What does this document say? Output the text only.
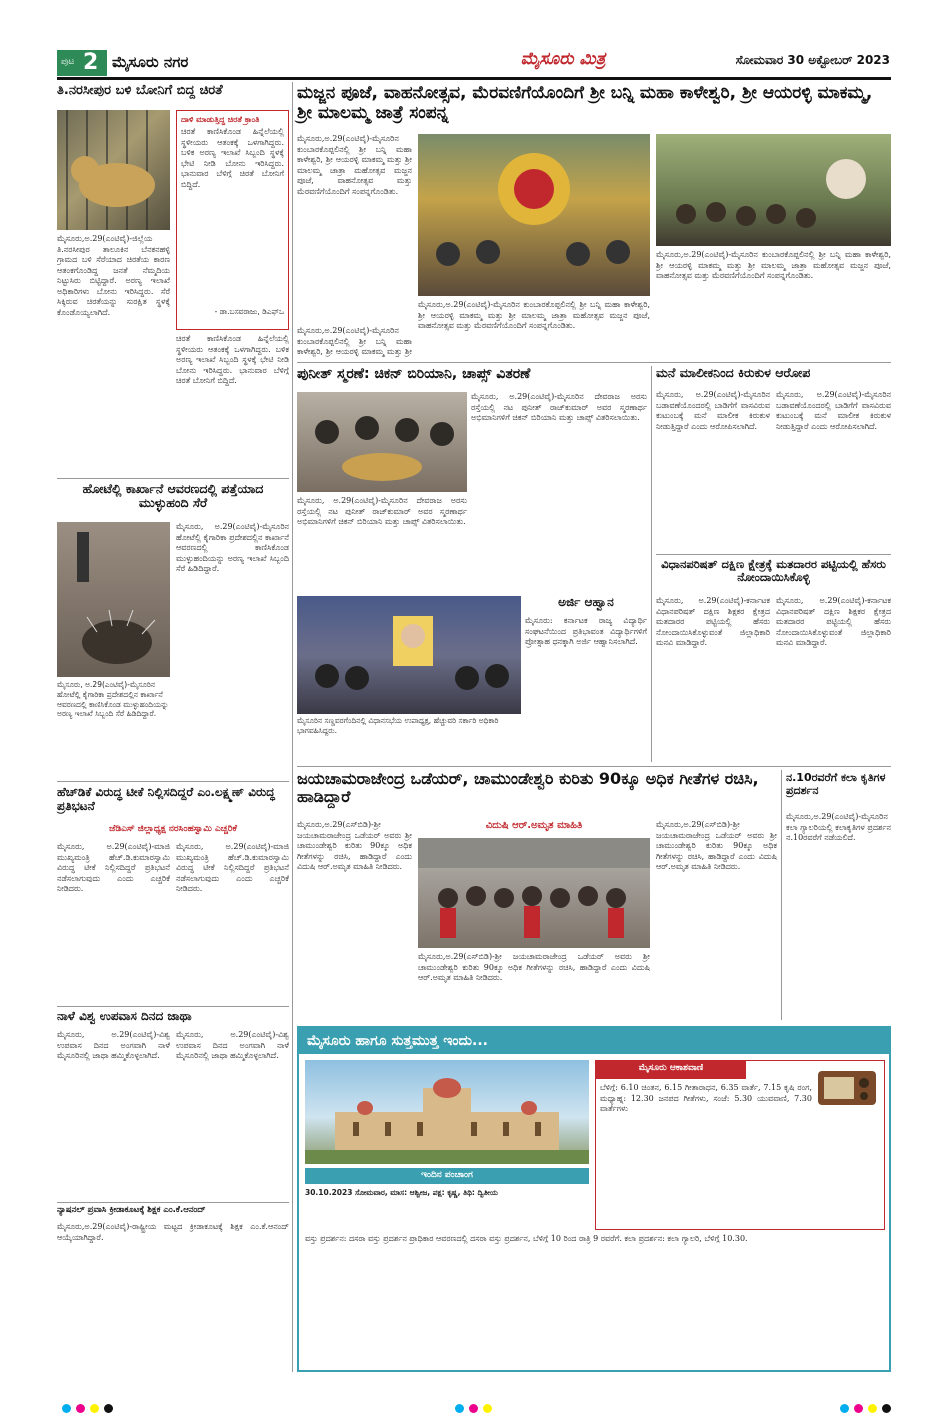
ಪುಟ 2 ಮೈಸೂರು ನಗರ	ಮೈಸೂರು ಮಿತ್ರ	ಸೋಮವಾರ 30 ಅಕ್ಟೋಬರ್ 2023
ತಿ.ನರಸೀಪುರ ಬಳಿ ಬೋನಿಗೆ ಬಿದ್ದ ಚಿರತೆ
ದಾಳಿ ಮಾಡುತ್ತಿದ್ದ ಚಿರತೆ ಕ್ರಾಂತಿ
ಚಿರತೆ ಕಾಣಿಸಿಕೊಂಡ ಹಿನ್ನೆಲೆಯಲ್ಲಿ ಸ್ಥಳೀಯರು ಆತಂಕಕ್ಕೆ ಒಳಗಾಗಿದ್ದರು. ಬಳಿಕ ಅರಣ್ಯ ಇಲಾಖೆ ಸಿಬ್ಬಂದಿ ಸ್ಥಳಕ್ಕೆ ಭೇಟಿ ನೀಡಿ ಬೋನು ಇರಿಸಿದ್ದರು. ಭಾನುವಾರ ಬೆಳಿಗ್ಗೆ ಚಿರತೆ ಬೋನಿಗೆ ಬಿದ್ದಿದೆ.
- ಡಾ.ಬಸವರಾಜು, ಡಿಎಫ್‌ಒ
ಮೈಸೂರು,ಅ.29(ಎಂಟಿವೈ)-ಜಿಲ್ಲೆಯ ತಿ.ನರಸೀಪುರ ತಾಲೂಕಿನ ಬೆನಕನಹಳ್ಳಿ ಗ್ರಾಮದ ಬಳಿ ಸೆರೆಯಾದ ಚಿರತೆಯ ಕಾರಣ ಆತಂಕಗೊಂಡಿದ್ದ ಜನತೆ ನೆಮ್ಮದಿಯ ನಿಟ್ಟುಸಿರು ಬಿಟ್ಟಿದ್ದಾರೆ. ಅರಣ್ಯ ಇಲಾಖೆ ಅಧಿಕಾರಿಗಳು ಬೋನು ಇರಿಸಿದ್ದರು. ಸೆರೆ ಸಿಕ್ಕಿರುವ ಚಿರತೆಯನ್ನು ಸುರಕ್ಷಿತ ಸ್ಥಳಕ್ಕೆ ಕೊಂಡೊಯ್ಯಲಾಗಿದೆ.
ಚಿರತೆ ಕಾಣಿಸಿಕೊಂಡ ಹಿನ್ನೆಲೆಯಲ್ಲಿ ಸ್ಥಳೀಯರು ಆತಂಕಕ್ಕೆ ಒಳಗಾಗಿದ್ದರು. ಬಳಿಕ ಅರಣ್ಯ ಇಲಾಖೆ ಸಿಬ್ಬಂದಿ ಸ್ಥಳಕ್ಕೆ ಭೇಟಿ ನೀಡಿ ಬೋನು ಇರಿಸಿದ್ದರು. ಭಾನುವಾರ ಬೆಳಿಗ್ಗೆ ಚಿರತೆ ಬೋನಿಗೆ ಬಿದ್ದಿದೆ.
ಹೋಟೆಲ್ಲಿ ಕಾರ್ಖಾನೆ ಆವರಣದಲ್ಲಿ ಪತ್ತೆಯಾದ ಮುಳ್ಳುಹಂದಿ ಸೆರೆ
ಮೈಸೂರು, ಅ.29(ಎಂಟಿವೈ)-ಮೈಸೂರಿನ ಹೋಟೆಲ್ಲಿ ಕೈಗಾರಿಕಾ ಪ್ರದೇಶದಲ್ಲಿನ ಕಾರ್ಖಾನೆ ಆವರಣದಲ್ಲಿ ಕಾಣಿಸಿಕೊಂಡ ಮುಳ್ಳುಹಂದಿಯನ್ನು ಅರಣ್ಯ ಇಲಾಖೆ ಸಿಬ್ಬಂದಿ ಸೆರೆ ಹಿಡಿದಿದ್ದಾರೆ.
ಮೈಸೂರು, ಅ.29(ಎಂಟಿವೈ)-ಮೈಸೂರಿನ ಹೋಟೆಲ್ಲಿ ಕೈಗಾರಿಕಾ ಪ್ರದೇಶದಲ್ಲಿನ ಕಾರ್ಖಾನೆ ಆವರಣದಲ್ಲಿ ಕಾಣಿಸಿಕೊಂಡ ಮುಳ್ಳುಹಂದಿಯನ್ನು ಅರಣ್ಯ ಇಲಾಖೆ ಸಿಬ್ಬಂದಿ ಸೆರೆ ಹಿಡಿದಿದ್ದಾರೆ.
ಹೆಚ್‌ಡಿಕೆ ವಿರುದ್ಧ ಟೀಕೆ ನಿಲ್ಲಿಸದಿದ್ದರೆ ಎಂ.ಲಕ್ಷ್ಮಣ್ ವಿರುದ್ಧ ಪ್ರತಿಭಟನೆ
ಜೆಡಿಎಸ್ ಜಿಲ್ಲಾಧ್ಯಕ್ಷ ನರಸಿಂಹಸ್ವಾಮಿ ಎಚ್ಚರಿಕೆ
ಮೈಸೂರು, ಅ.29(ಎಂಟಿವೈ)-ಮಾಜಿ ಮುಖ್ಯಮಂತ್ರಿ ಹೆಚ್.ಡಿ.ಕುಮಾರಸ್ವಾಮಿ ವಿರುದ್ಧ ಟೀಕೆ ನಿಲ್ಲಿಸದಿದ್ದರೆ ಪ್ರತಿಭಟನೆ ನಡೆಸಲಾಗುವುದು ಎಂದು ಎಚ್ಚರಿಕೆ ನೀಡಿದರು.
ಮೈಸೂರು, ಅ.29(ಎಂಟಿವೈ)-ಮಾಜಿ ಮುಖ್ಯಮಂತ್ರಿ ಹೆಚ್.ಡಿ.ಕುಮಾರಸ್ವಾಮಿ ವಿರುದ್ಧ ಟೀಕೆ ನಿಲ್ಲಿಸದಿದ್ದರೆ ಪ್ರತಿಭಟನೆ ನಡೆಸಲಾಗುವುದು ಎಂದು ಎಚ್ಚರಿಕೆ ನೀಡಿದರು.
ನಾಳೆ ವಿಶ್ವ ಉಪವಾಸ ದಿನದ ಜಾಥಾ
ಮೈಸೂರು, ಅ.29(ಎಂಟಿವೈ)-ವಿಶ್ವ ಉಪವಾಸ ದಿನದ ಅಂಗವಾಗಿ ನಾಳೆ ಮೈಸೂರಿನಲ್ಲಿ ಜಾಥಾ ಹಮ್ಮಿಕೊಳ್ಳಲಾಗಿದೆ.
ಮೈಸೂರು, ಅ.29(ಎಂಟಿವೈ)-ವಿಶ್ವ ಉಪವಾಸ ದಿನದ ಅಂಗವಾಗಿ ನಾಳೆ ಮೈಸೂರಿನಲ್ಲಿ ಜಾಥಾ ಹಮ್ಮಿಕೊಳ್ಳಲಾಗಿದೆ.
ನ್ಯಾಷನಲ್ ಪ್ರವಾಸಿ ಕ್ರೀಡಾಕೂಟಕ್ಕೆ ಶಿಕ್ಷಕ ಎಂ.ಕೆ.ಆನಂದ್
ಮೈಸೂರು,ಅ.29(ಎಂಟಿವೈ)-ರಾಷ್ಟ್ರೀಯ ಮಟ್ಟದ ಕ್ರೀಡಾಕೂಟಕ್ಕೆ ಶಿಕ್ಷಕ ಎಂ.ಕೆ.ಆನಂದ್ ಆಯ್ಕೆಯಾಗಿದ್ದಾರೆ.
ಮಜ್ಜನ ಪೂಜೆ, ವಾಹನೋತ್ಸವ, ಮೆರವಣಿಗೆಯೊಂದಿಗೆ ಶ್ರೀ ಬನ್ನಿ ಮಹಾ ಕಾಳೇಶ್ವರಿ, ಶ್ರೀ ಆಯರಳ್ಳಿ ಮಾಕಮ್ಮ, ಶ್ರೀ ಮಾಲಮ್ಮ ಜಾತ್ರೆ ಸಂಪನ್ನ
ಮೈಸೂರು,ಅ.29(ಎಂಟಿವೈ)-ಮೈಸೂರಿನ ಕುಂಬಾರಕೊಪ್ಪಲಿನಲ್ಲಿ ಶ್ರೀ ಬನ್ನಿ ಮಹಾ ಕಾಳೇಶ್ವರಿ, ಶ್ರೀ ಆಯರಳ್ಳಿ ಮಾಕಮ್ಮ ಮತ್ತು ಶ್ರೀ ಮಾಲಮ್ಮ ಜಾತ್ರಾ ಮಹೋತ್ಸವ ಮಜ್ಜನ ಪೂಜೆ, ವಾಹನೋತ್ಸವ ಮತ್ತು ಮೆರವಣಿಗೆಯೊಂದಿಗೆ ಸಂಪನ್ನಗೊಂಡಿತು.
ಮೈಸೂರು,ಅ.29(ಎಂಟಿವೈ)-ಮೈಸೂರಿನ ಕುಂಬಾರಕೊಪ್ಪಲಿನಲ್ಲಿ ಶ್ರೀ ಬನ್ನಿ ಮಹಾ ಕಾಳೇಶ್ವರಿ, ಶ್ರೀ ಆಯರಳ್ಳಿ ಮಾಕಮ್ಮ ಮತ್ತು ಶ್ರೀ
ಮೈಸೂರು,ಅ.29(ಎಂಟಿವೈ)-ಮೈಸೂರಿನ ಕುಂಬಾರಕೊಪ್ಪಲಿನಲ್ಲಿ ಶ್ರೀ ಬನ್ನಿ ಮಹಾ ಕಾಳೇಶ್ವರಿ, ಶ್ರೀ ಆಯರಳ್ಳಿ ಮಾಕಮ್ಮ ಮತ್ತು ಶ್ರೀ ಮಾಲಮ್ಮ ಜಾತ್ರಾ ಮಹೋತ್ಸವ ಮಜ್ಜನ ಪೂಜೆ, ವಾಹನೋತ್ಸವ ಮತ್ತು ಮೆರವಣಿಗೆಯೊಂದಿಗೆ ಸಂಪನ್ನಗೊಂಡಿತು.
ಮೈಸೂರು,ಅ.29(ಎಂಟಿವೈ)-ಮೈಸೂರಿನ ಕುಂಬಾರಕೊಪ್ಪಲಿನಲ್ಲಿ ಶ್ರೀ ಬನ್ನಿ ಮಹಾ ಕಾಳೇಶ್ವರಿ, ಶ್ರೀ ಆಯರಳ್ಳಿ ಮಾಕಮ್ಮ ಮತ್ತು ಶ್ರೀ ಮಾಲಮ್ಮ ಜಾತ್ರಾ ಮಹೋತ್ಸವ ಮಜ್ಜನ ಪೂಜೆ, ವಾಹನೋತ್ಸವ ಮತ್ತು ಮೆರವಣಿಗೆಯೊಂದಿಗೆ ಸಂಪನ್ನಗೊಂಡಿತು.
ಪುನೀತ್ ಸ್ಮರಣೆ: ಚಿಕನ್ ಬಿರಿಯಾನಿ, ಚಾಪ್ಸ್ ವಿತರಣೆ
ಮೈಸೂರು, ಅ.29(ಎಂಟಿವೈ)-ಮೈಸೂರಿನ ದೇವರಾಜ ಅರಸು ರಸ್ತೆಯಲ್ಲಿ ನಟ ಪುನೀತ್ ರಾಜ್‌ಕುಮಾರ್ ಅವರ ಸ್ಮರಣಾರ್ಥ ಅಭಿಮಾನಿಗಳಿಗೆ ಚಿಕನ್ ಬಿರಿಯಾನಿ ಮತ್ತು ಚಾಪ್ಸ್ ವಿತರಿಸಲಾಯಿತು.
ಮೈಸೂರು, ಅ.29(ಎಂಟಿವೈ)-ಮೈಸೂರಿನ ದೇವರಾಜ ಅರಸು ರಸ್ತೆಯಲ್ಲಿ ನಟ ಪುನೀತ್ ರಾಜ್‌ಕುಮಾರ್ ಅವರ ಸ್ಮರಣಾರ್ಥ ಅಭಿಮಾನಿಗಳಿಗೆ ಚಿಕನ್ ಬಿರಿಯಾನಿ ಮತ್ತು ಚಾಪ್ಸ್ ವಿತರಿಸಲಾಯಿತು.
ಮೈಸೂರಿನ ಸಣ್ಣವರಗೆಂದಿನಲ್ಲಿ ವಿಧಾನಸಭೆಯ ಉಪಾಧ್ಯಕ್ಷ, ಹೆಚ್ಚುವರಿ ಸರ್ಕಾರಿ ಅಧಿಕಾರಿ ಭಾಗವಹಿಸಿದ್ದರು.
ಅರ್ಜಿ ಆಹ್ವಾನ
ಮೈಸೂರು: ಕರ್ನಾಟಕ ರಾಜ್ಯ ವಿದ್ಯಾರ್ಥಿ ಸಂಘಟನೆಯಿಂದ ಪ್ರತಿಭಾವಂತ ವಿದ್ಯಾರ್ಥಿಗಳಿಗೆ ಪ್ರೋತ್ಸಾಹ ಧನಕ್ಕಾಗಿ ಅರ್ಜಿ ಆಹ್ವಾನಿಸಲಾಗಿದೆ.
ಮನೆ ಮಾಲೀಕನಿಂದ ಕಿರುಕುಳ ಆರೋಪ
ಮೈಸೂರು, ಅ.29(ಎಂಟಿವೈ)-ಮೈಸೂರಿನ ಬಡಾವಣೆಯೊಂದರಲ್ಲಿ ಬಾಡಿಗೆಗೆ ವಾಸವಿರುವ ಕುಟುಂಬಕ್ಕೆ ಮನೆ ಮಾಲೀಕ ಕಿರುಕುಳ ನೀಡುತ್ತಿದ್ದಾರೆ ಎಂದು ಆರೋಪಿಸಲಾಗಿದೆ.
ಮೈಸೂರು, ಅ.29(ಎಂಟಿವೈ)-ಮೈಸೂರಿನ ಬಡಾವಣೆಯೊಂದರಲ್ಲಿ ಬಾಡಿಗೆಗೆ ವಾಸವಿರುವ ಕುಟುಂಬಕ್ಕೆ ಮನೆ ಮಾಲೀಕ ಕಿರುಕುಳ ನೀಡುತ್ತಿದ್ದಾರೆ ಎಂದು ಆರೋಪಿಸಲಾಗಿದೆ.
ವಿಧಾನಪರಿಷತ್ ದಕ್ಷಿಣ ಕ್ಷೇತ್ರಕ್ಕೆ ಮತದಾರರ ಪಟ್ಟಿಯಲ್ಲಿ ಹೆಸರು ನೋಂದಾಯಿಸಿಕೊಳ್ಳಿ
ಮೈಸೂರು, ಅ.29(ಎಂಟಿವೈ)-ಕರ್ನಾಟಕ ವಿಧಾನಪರಿಷತ್ ದಕ್ಷಿಣ ಶಿಕ್ಷಕರ ಕ್ಷೇತ್ರದ ಮತದಾರರ ಪಟ್ಟಿಯಲ್ಲಿ ಹೆಸರು ನೋಂದಾಯಿಸಿಕೊಳ್ಳುವಂತೆ ಜಿಲ್ಲಾಧಿಕಾರಿ ಮನವಿ ಮಾಡಿದ್ದಾರೆ.
ಮೈಸೂರು, ಅ.29(ಎಂಟಿವೈ)-ಕರ್ನಾಟಕ ವಿಧಾನಪರಿಷತ್ ದಕ್ಷಿಣ ಶಿಕ್ಷಕರ ಕ್ಷೇತ್ರದ ಮತದಾರರ ಪಟ್ಟಿಯಲ್ಲಿ ಹೆಸರು ನೋಂದಾಯಿಸಿಕೊಳ್ಳುವಂತೆ ಜಿಲ್ಲಾಧಿಕಾರಿ ಮನವಿ ಮಾಡಿದ್ದಾರೆ.
ಜಯಚಾಮರಾಜೇಂದ್ರ ಒಡೆಯರ್, ಚಾಮುಂಡೇಶ್ವರಿ ಕುರಿತು 90ಕ್ಕೂ ಅಧಿಕ ಗೀತೆಗಳ ರಚಿಸಿ, ಹಾಡಿದ್ದಾರೆ
ವಿದುಷಿ ಆರ್.ಅಮೃತ ಮಾಹಿತಿ
ಮೈಸೂರು,ಅ.29(ಎಸ್‌ಬಿಡಿ)-ಶ್ರೀ ಜಯಚಾಮರಾಜೇಂದ್ರ ಒಡೆಯರ್ ಅವರು ಶ್ರೀ ಚಾಮುಂಡೇಶ್ವರಿ ಕುರಿತು 90ಕ್ಕೂ ಅಧಿಕ ಗೀತೆಗಳನ್ನು ರಚಿಸಿ, ಹಾಡಿದ್ದಾರೆ ಎಂದು ವಿದುಷಿ ಆರ್.ಅಮೃತ ಮಾಹಿತಿ ನೀಡಿದರು.
ಮೈಸೂರು,ಅ.29(ಎಸ್‌ಬಿಡಿ)-ಶ್ರೀ ಜಯಚಾಮರಾಜೇಂದ್ರ ಒಡೆಯರ್ ಅವರು ಶ್ರೀ ಚಾಮುಂಡೇಶ್ವರಿ ಕುರಿತು 90ಕ್ಕೂ ಅಧಿಕ ಗೀತೆಗಳನ್ನು ರಚಿಸಿ, ಹಾಡಿದ್ದಾರೆ ಎಂದು ವಿದುಷಿ ಆರ್.ಅಮೃತ ಮಾಹಿತಿ ನೀಡಿದರು.
ಮೈಸೂರು,ಅ.29(ಎಸ್‌ಬಿಡಿ)-ಶ್ರೀ ಜಯಚಾಮರಾಜೇಂದ್ರ ಒಡೆಯರ್ ಅವರು ಶ್ರೀ ಚಾಮುಂಡೇಶ್ವರಿ ಕುರಿತು 90ಕ್ಕೂ ಅಧಿಕ ಗೀತೆಗಳನ್ನು ರಚಿಸಿ, ಹಾಡಿದ್ದಾರೆ ಎಂದು ವಿದುಷಿ ಆರ್.ಅಮೃತ ಮಾಹಿತಿ ನೀಡಿದರು.
ನ.10ರವರೆಗೆ ಕಲಾ ಕೃತಿಗಳ ಪ್ರದರ್ಶನ
ಮೈಸೂರು,ಅ.29(ಎಂಟಿವೈ)-ಮೈಸೂರಿನ ಕಲಾ ಗ್ಯಾಲರಿಯಲ್ಲಿ ಕಲಾಕೃತಿಗಳ ಪ್ರದರ್ಶನ ನ.10ರವರೆಗೆ ನಡೆಯಲಿದೆ.
ಮೈಸೂರು ಹಾಗೂ ಸುತ್ತಮುತ್ತ ಇಂದು...
ಇಂದಿನ ಪಂಚಾಂಗ
30.10.2023 ಸೋಮವಾರ, ಮಾಸ: ಆಶ್ವೀಜ, ಪಕ್ಷ: ಕೃಷ್ಣ, ತಿಥಿ: ದ್ವಿತೀಯ
ಮೈಸೂರು ಆಕಾಶವಾಣಿ
ಬೆಳಿಗ್ಗೆ: 6.10 ಚಿಂತನ, 6.15 ಗೀತಾರಾಧನ, 6.35 ವಾರ್ತೆ, 7.15 ಕೃಷಿ ರಂಗ, ಮಧ್ಯಾಹ್ನ: 12.30 ಜನಪದ ಗೀತೆಗಳು, ಸಂಜೆ: 5.30 ಯುವವಾಣಿ, 7.30 ವಾರ್ತೆಗಳು
ವಸ್ತು ಪ್ರದರ್ಶನ: ದಸರಾ ವಸ್ತು ಪ್ರದರ್ಶನ ಪ್ರಾಧಿಕಾರ ಆವರಣದಲ್ಲಿ ದಸರಾ ವಸ್ತು ಪ್ರದರ್ಶನ, ಬೆಳಿಗ್ಗೆ 10 ರಿಂದ ರಾತ್ರಿ 9 ರವರೆಗೆ. ಕಲಾ ಪ್ರದರ್ಶನ: ಕಲಾ ಗ್ಯಾಲರಿ, ಬೆಳಿಗ್ಗೆ 10.30.
